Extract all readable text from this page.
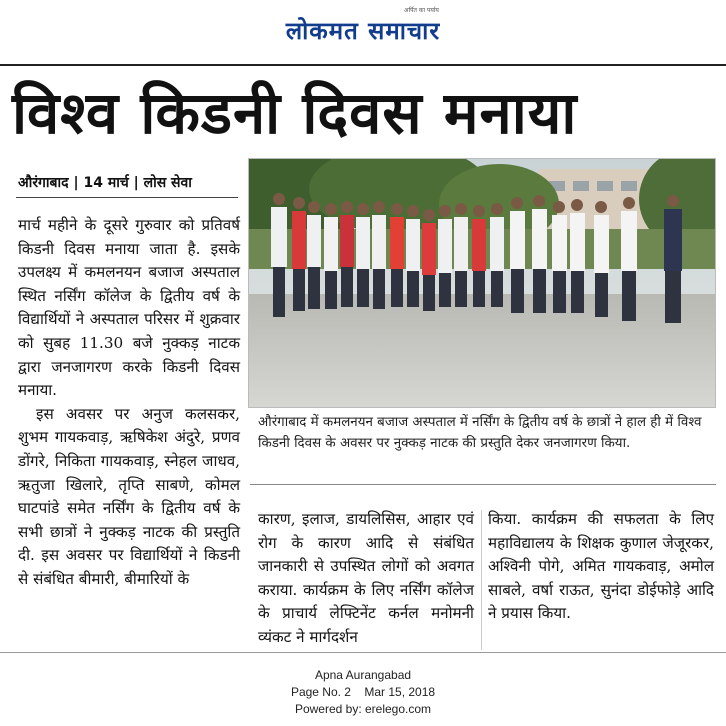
अर्पित का पर्याय
लोकमत समाचार
विश्व किडनी दिवस मनाया
औरंगाबाद | 14 मार्च | लोस सेवा

मार्च महीने के दूसरे गुरुवार को प्रतिवर्ष किडनी दिवस मनाया जाता है. इसके उपलक्ष्य में कमलनयन बजाज अस्पताल स्थित नर्सिंग कॉलेज के द्वितीय वर्ष के विद्यार्थियों ने अस्पताल परिसर में शुक्रवार को सुबह 11.30 बजे नुक्कड़ नाटक द्वारा जनजागरण करके किडनी दिवस मनाया.

इस अवसर पर अनुज कलसकर, शुभम गायकवाड़, ऋषिकेश अंदुरे, प्रणव डोंगरे, निकिता गायकवाड़, स्नेहल जाधव, ऋतुजा खिलारे, तृप्ति साबणे, कोमल घाटपांडे समेत नर्सिंग के द्वितीय वर्ष के सभी छात्रों ने नुक्कड़ नाटक की प्रस्तुति दी. इस अवसर पर विद्यार्थियों ने किडनी से संबंधित बीमारी, बीमारियों के

औरंगाबाद में कमलनयन बजाज अस्पताल में नर्सिंग के द्वितीय वर्ष के छात्रों ने हाल ही में विश्व किडनी दिवस के अवसर पर नुक्कड़ नाटक की प्रस्तुति देकर जनजागरण किया.
कारण, इलाज, डायलिसिस, आहार एवं रोग के कारण आदि से संबंधित जानकारी से उपस्थित लोगों को अवगत कराया. कार्यक्रम के लिए नर्सिंग कॉलेज के प्राचार्य लेफ्टिनेंट कर्नल मनोमनी व्यंकट ने मार्गदर्शन
किया. कार्यक्रम की सफलता के लिए महाविद्यालय के शिक्षक कुणाल जेजूरकर, अश्विनी पोगे, अमित गायकवाड़, अमोल साबले, वर्षा राऊत, सुनंदा डोईफोड़े आदि ने प्रयास किया.
Apna Aurangabad
Page No. 2 Mar 15, 2018
Powered by: erelego.com
